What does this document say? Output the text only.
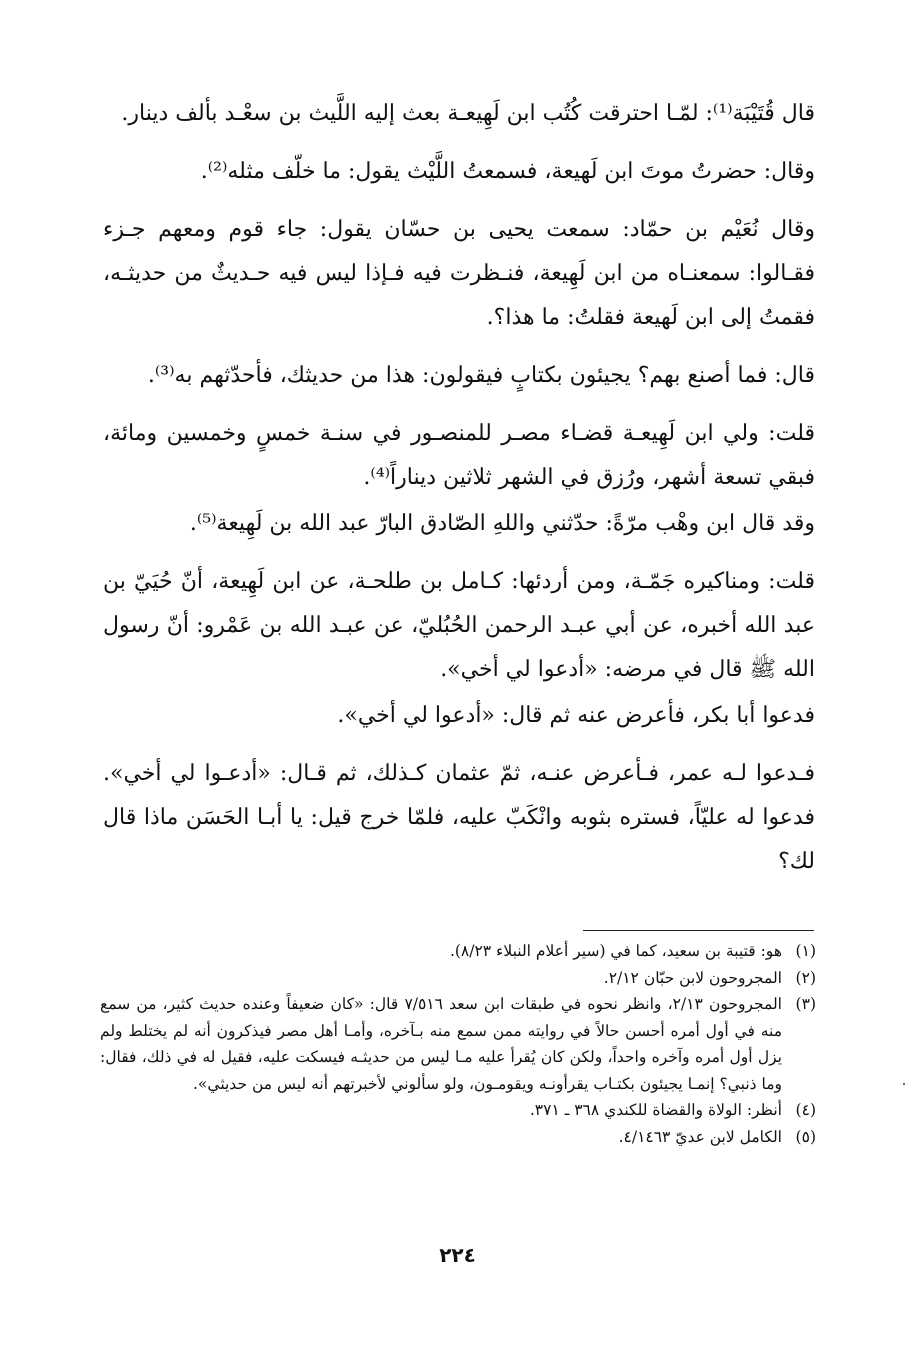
قال قُتَيْبَة⁽¹⁾: لمّـا احترقت كُتُب ابن لَهِيعـة بعث إليه اللَّيث بن سعْـد بألف دينار.

وقال: حضرتُ موتَ ابن لَهيعة، فسمعتُ اللَّيْث يقول: ما خلّف مثله⁽²⁾.

وقال نُعَيْم بن حمّاد: سمعت يحيى بن حسّان يقول: جاء قوم ومعهم جـزء فقـالوا: سمعنـاه من ابن لَهِيعة، فنـظرت فيه فـإذا ليس فيه حـديثٌ من حديثـه، فقمتُ إلى ابن لَهيعة فقلتُ: ما هذا؟.

قال: فما أصنع بهم؟ يجيئون بكتابٍ فيقولون: هذا من حديثك، فأحدّثهم به⁽³⁾.

قلت: ولي ابن لَهِيعـة قضـاء مصـر للمنصـور في سنـة خمسٍ وخمسين ومائة، فبقي تسعة أشهر، ورُزق في الشهر ثلاثين ديناراً⁽⁴⁾.

وقد قال ابن وهْب مرّةً: حدّثني واللهِ الصّادق البارّ عبد الله بن لَهِيعة⁽⁵⁾.

قلت: ومناكيره جَمّـة، ومن أردئها: كـامل بن طلحـة، عن ابن لَهِيعة، أنّ حُيَيّ بن عبد الله أخبره، عن أبي عبـد الرحمن الحُبُليّ، عن عبـد الله بن عَمْرو: أنّ رسول الله ﷺ قال في مرضه: «أدعوا لي أخي».

فدعوا أبا بكر، فأعرض عنه ثم قال: «أدعوا لي أخي».

فـدعوا لـه عمر، فـأعرض عنـه، ثمّ عثمان كـذلك، ثم قـال: «أدعـوا لي أخي». فدعوا له عليّاً، فستره بثوبه وانْكَبّ عليه، فلمّا خرج قيل: يا أبـا الحَسَن ماذا قال لك؟

(١)
هو: قتيبة بن سعيد، كما في (سير أعلام النبلاء ٨/٢٣).
(٢)
المجروحون لابن حبّان ٢/١٢.
(٣)
المجروحون ٢/١٣، وانظر نحوه في طبقات ابن سعد ٧/٥١٦ قال: «كان ضعيفاً وعنده حديث كثير، من سمع منه في أول أمره أحسن حالاً في روايته ممن سمع منه بـآخره، وأمـا أهل مصر فيذكرون أنه لم يختلط ولم يزل أول أمره وآخره واحداً، ولكن كان يُقرأ عليه مـا ليس من حديثـه فيسكت عليه، فقيل له في ذلك، فقال: وما ذنبي؟ إنمـا يجيئون بكتـاب يقرأونـه ويقومـون، ولو سألوني لأخبرتهم أنه ليس من حديثي».
(٤)
أنظر: الولاة والقضاة للكندي ٣٦٨ ـ ٣٧١.
(٥)
الكامل لابن عديّ ٤/١٤٦٣.
٢٢٤
